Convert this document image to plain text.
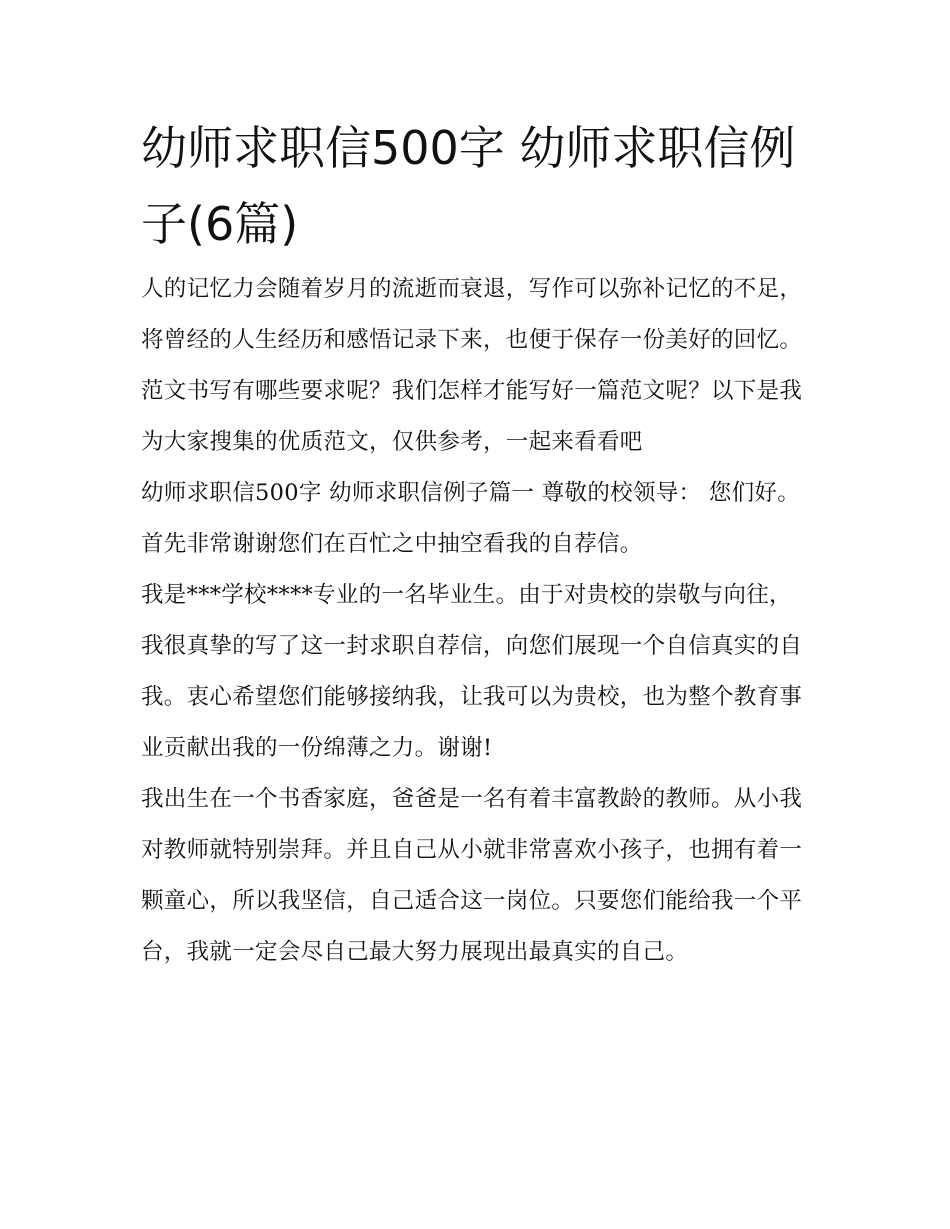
幼师求职信500字 幼师求职信例子(6篇)

人的记忆力会随着岁月的流逝而衰退，写作可以弥补记忆的不足，将曾经的人生经历和感悟记录下来，也便于保存一份美好的回忆。范文书写有哪些要求呢？我们怎样才能写好一篇范文呢？以下是我为大家搜集的优质范文，仅供参考，一起来看看吧

幼师求职信500字 幼师求职信例子篇一 尊敬的校领导： 您们好。 首先非常谢谢您们在百忙之中抽空看我的自荐信。

我是***学校****专业的一名毕业生。由于对贵校的崇敬与向往，我很真挚的写了这一封求职自荐信，向您们展现一个自信真实的自我。衷心希望您们能够接纳我，让我可以为贵校，也为整个教育事业贡献出我的一份绵薄之力。谢谢!

我出生在一个书香家庭，爸爸是一名有着丰富教龄的教师。从小我对教师就特别崇拜。并且自己从小就非常喜欢小孩子，也拥有着一颗童心，所以我坚信，自己适合这一岗位。只要您们能给我一个平台，我就一定会尽自己最大努力展现出最真实的自己。
